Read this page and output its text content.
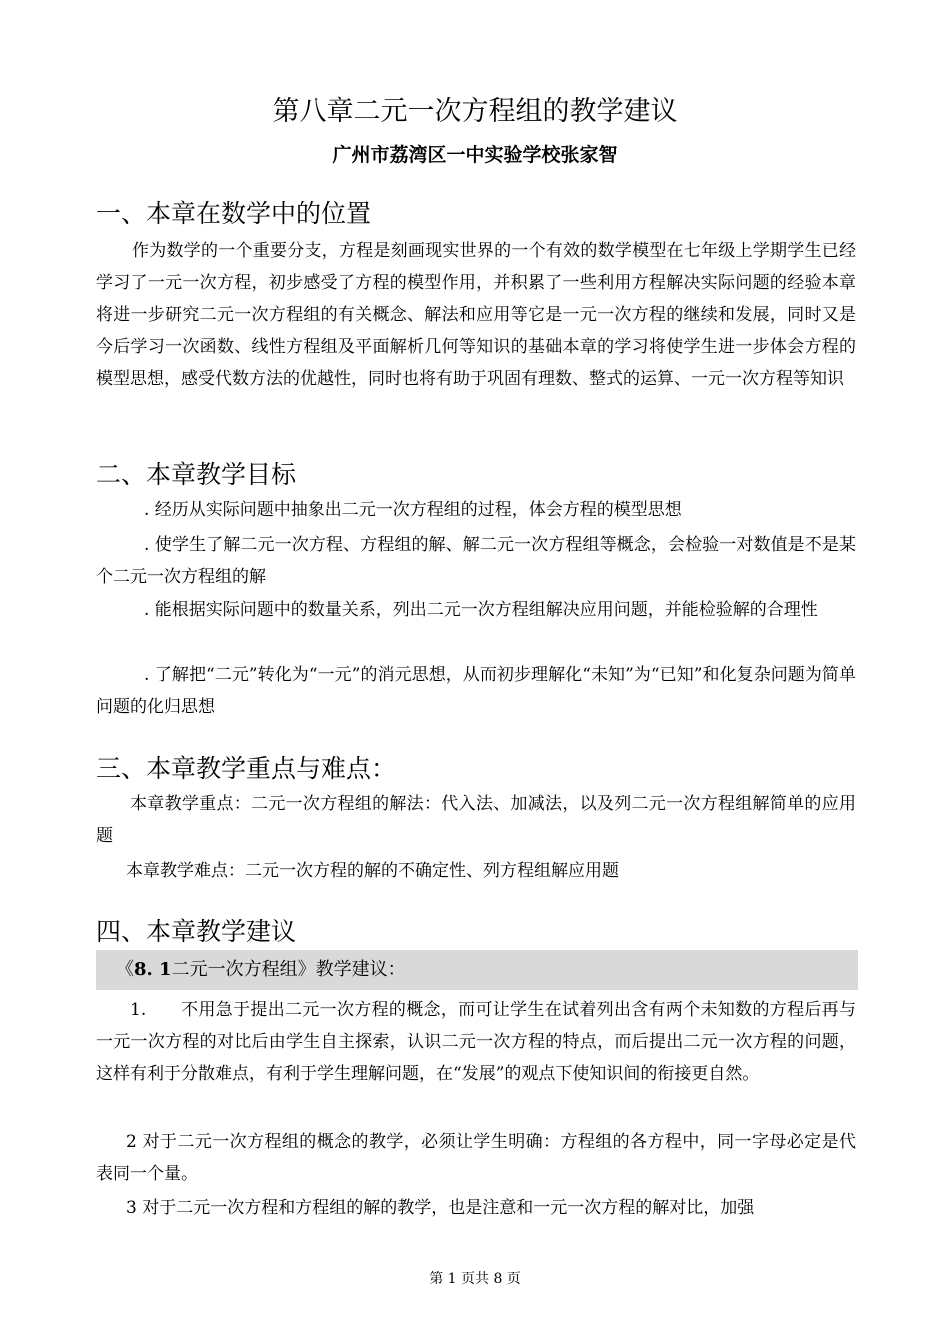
第八章二元一次方程组的教学建议
广州市荔湾区一中实验学校张家智
一、本章在数学中的位置
作为数学的一个重要分支，方程是刻画现实世界的一个有效的数学模型在七年级上学期学生已经学习了一元一次方程，初步感受了方程的模型作用，并积累了一些利用方程解决实际问题的经验本章将进一步研究二元一次方程组的有关概念、解法和应用等它是一元一次方程的继续和发展，同时又是今后学习一次函数、线性方程组及平面解析几何等知识的基础本章的学习将使学生进一步体会方程的模型思想，感受代数方法的优越性，同时也将有助于巩固有理数、整式的运算、一元一次方程等知识
二、本章教学目标
. 经历从实际问题中抽象出二元一次方程组的过程，体会方程的模型思想
. 使学生了解二元一次方程、方程组的解、解二元一次方程组等概念，会检验一对数值是不是某个二元一次方程组的解
. 能根据实际问题中的数量关系，列出二元一次方程组解决应用问题，并能检验解的合理性
. 了解把“二元”转化为“一元”的消元思想，从而初步理解化“未知”为“已知”和化复杂问题为简单问题的化归思想
三、本章教学重点与难点：
本章教学重点：二元一次方程组的解法：代入法、加减法，以及列二元一次方程组解简单的应用题
本章教学难点：二元一次方程的解的不确定性、列方程组解应用题
四、本章教学建议
《8. 1二元一次方程组》教学建议：
1.　　不用急于提出二元一次方程的概念，而可让学生在试着列出含有两个未知数的方程后再与一元一次方程的对比后由学生自主探索，认识二元一次方程的特点，而后提出二元一次方程的问题，这样有利于分散难点，有利于学生理解问题，在“发展”的观点下使知识间的衔接更自然。
2 对于二元一次方程组的概念的教学，必须让学生明确：方程组的各方程中，同一字母必定是代表同一个量。
3 对于二元一次方程和方程组的解的教学，也是注意和一元一次方程的解对比，加强
第 1 页共 8 页
